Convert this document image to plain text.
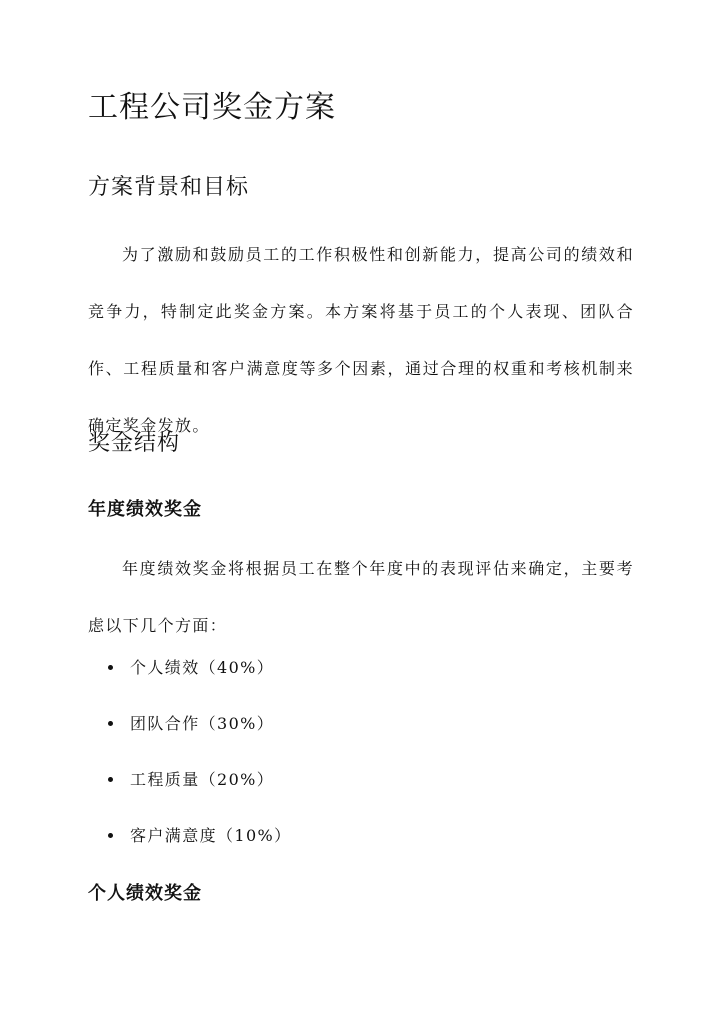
工程公司奖金方案
方案背景和目标

为了激励和鼓励员工的工作积极性和创新能力，提高公司的绩效和竞争力，特制定此奖金方案。本方案将基于员工的个人表现、团队合作、工程质量和客户满意度等多个因素，通过合理的权重和考核机制来确定奖金发放。

奖金结构
年度绩效奖金

年度绩效奖金将根据员工在整个年度中的表现评估来确定，主要考虑以下几个方面：

个人绩效（40%）
团队合作（30%）
工程质量（20%）
客户满意度（10%）
个人绩效奖金
